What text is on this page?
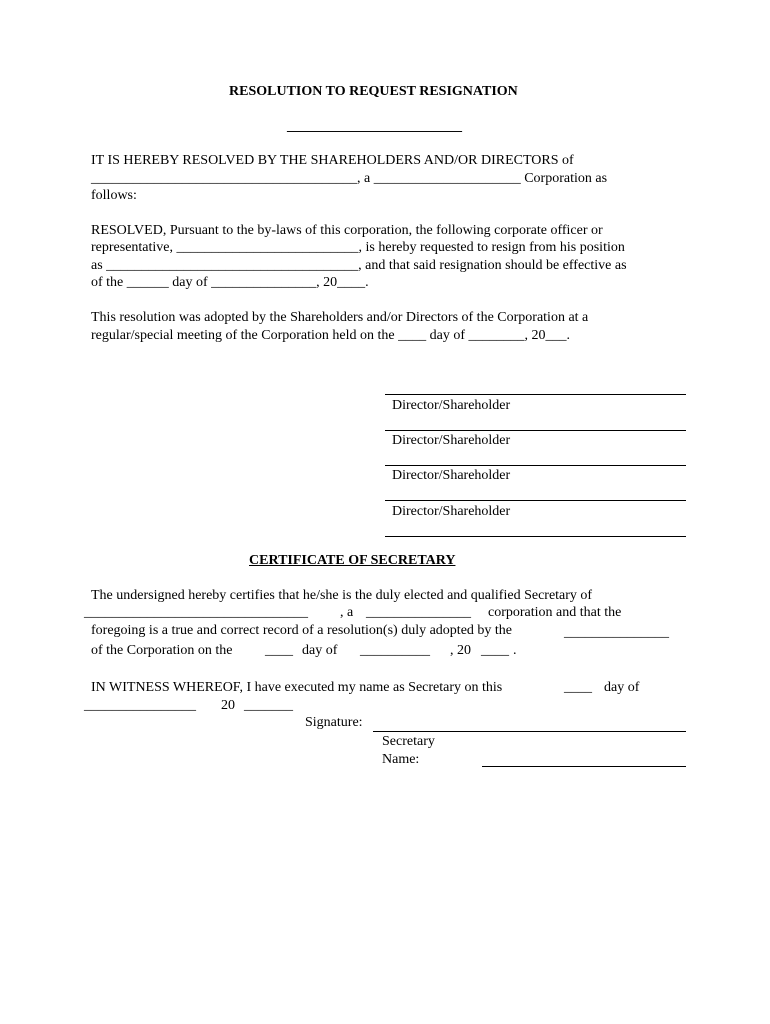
RESOLUTION TO REQUEST RESIGNATION
_________________________
IT IS HEREBY RESOLVED BY THE SHAREHOLDERS AND/OR DIRECTORS of
______________________________________, a _____________________ Corporation as
follows:
RESOLVED, Pursuant to the by-laws of this corporation, the following corporate officer or
representative, __________________________, is hereby requested to resign from his position
as ____________________________________, and that said resignation should be effective as
of the ______ day of _______________, 20____.
This resolution was adopted by the Shareholders and/or Directors of the Corporation at a
regular/special meeting of the Corporation held on the ____ day of ________, 20___.
Director/Shareholder
Director/Shareholder
Director/Shareholder
Director/Shareholder
CERTIFICATE OF SECRETARY
The undersigned hereby certifies that he/she is the duly elected and qualified Secretary of
________________________________ , a _______________ corporation and that the
foregoing is a true and correct record of a resolution(s) duly adopted by the	_______________
of the Corporation on the ____ day of __________ , 20 ____ .
IN WITNESS WHEREOF, I have executed my name as Secretary on this	____ day of
________________ 20 _______
Signature:
Secretary
Name:
